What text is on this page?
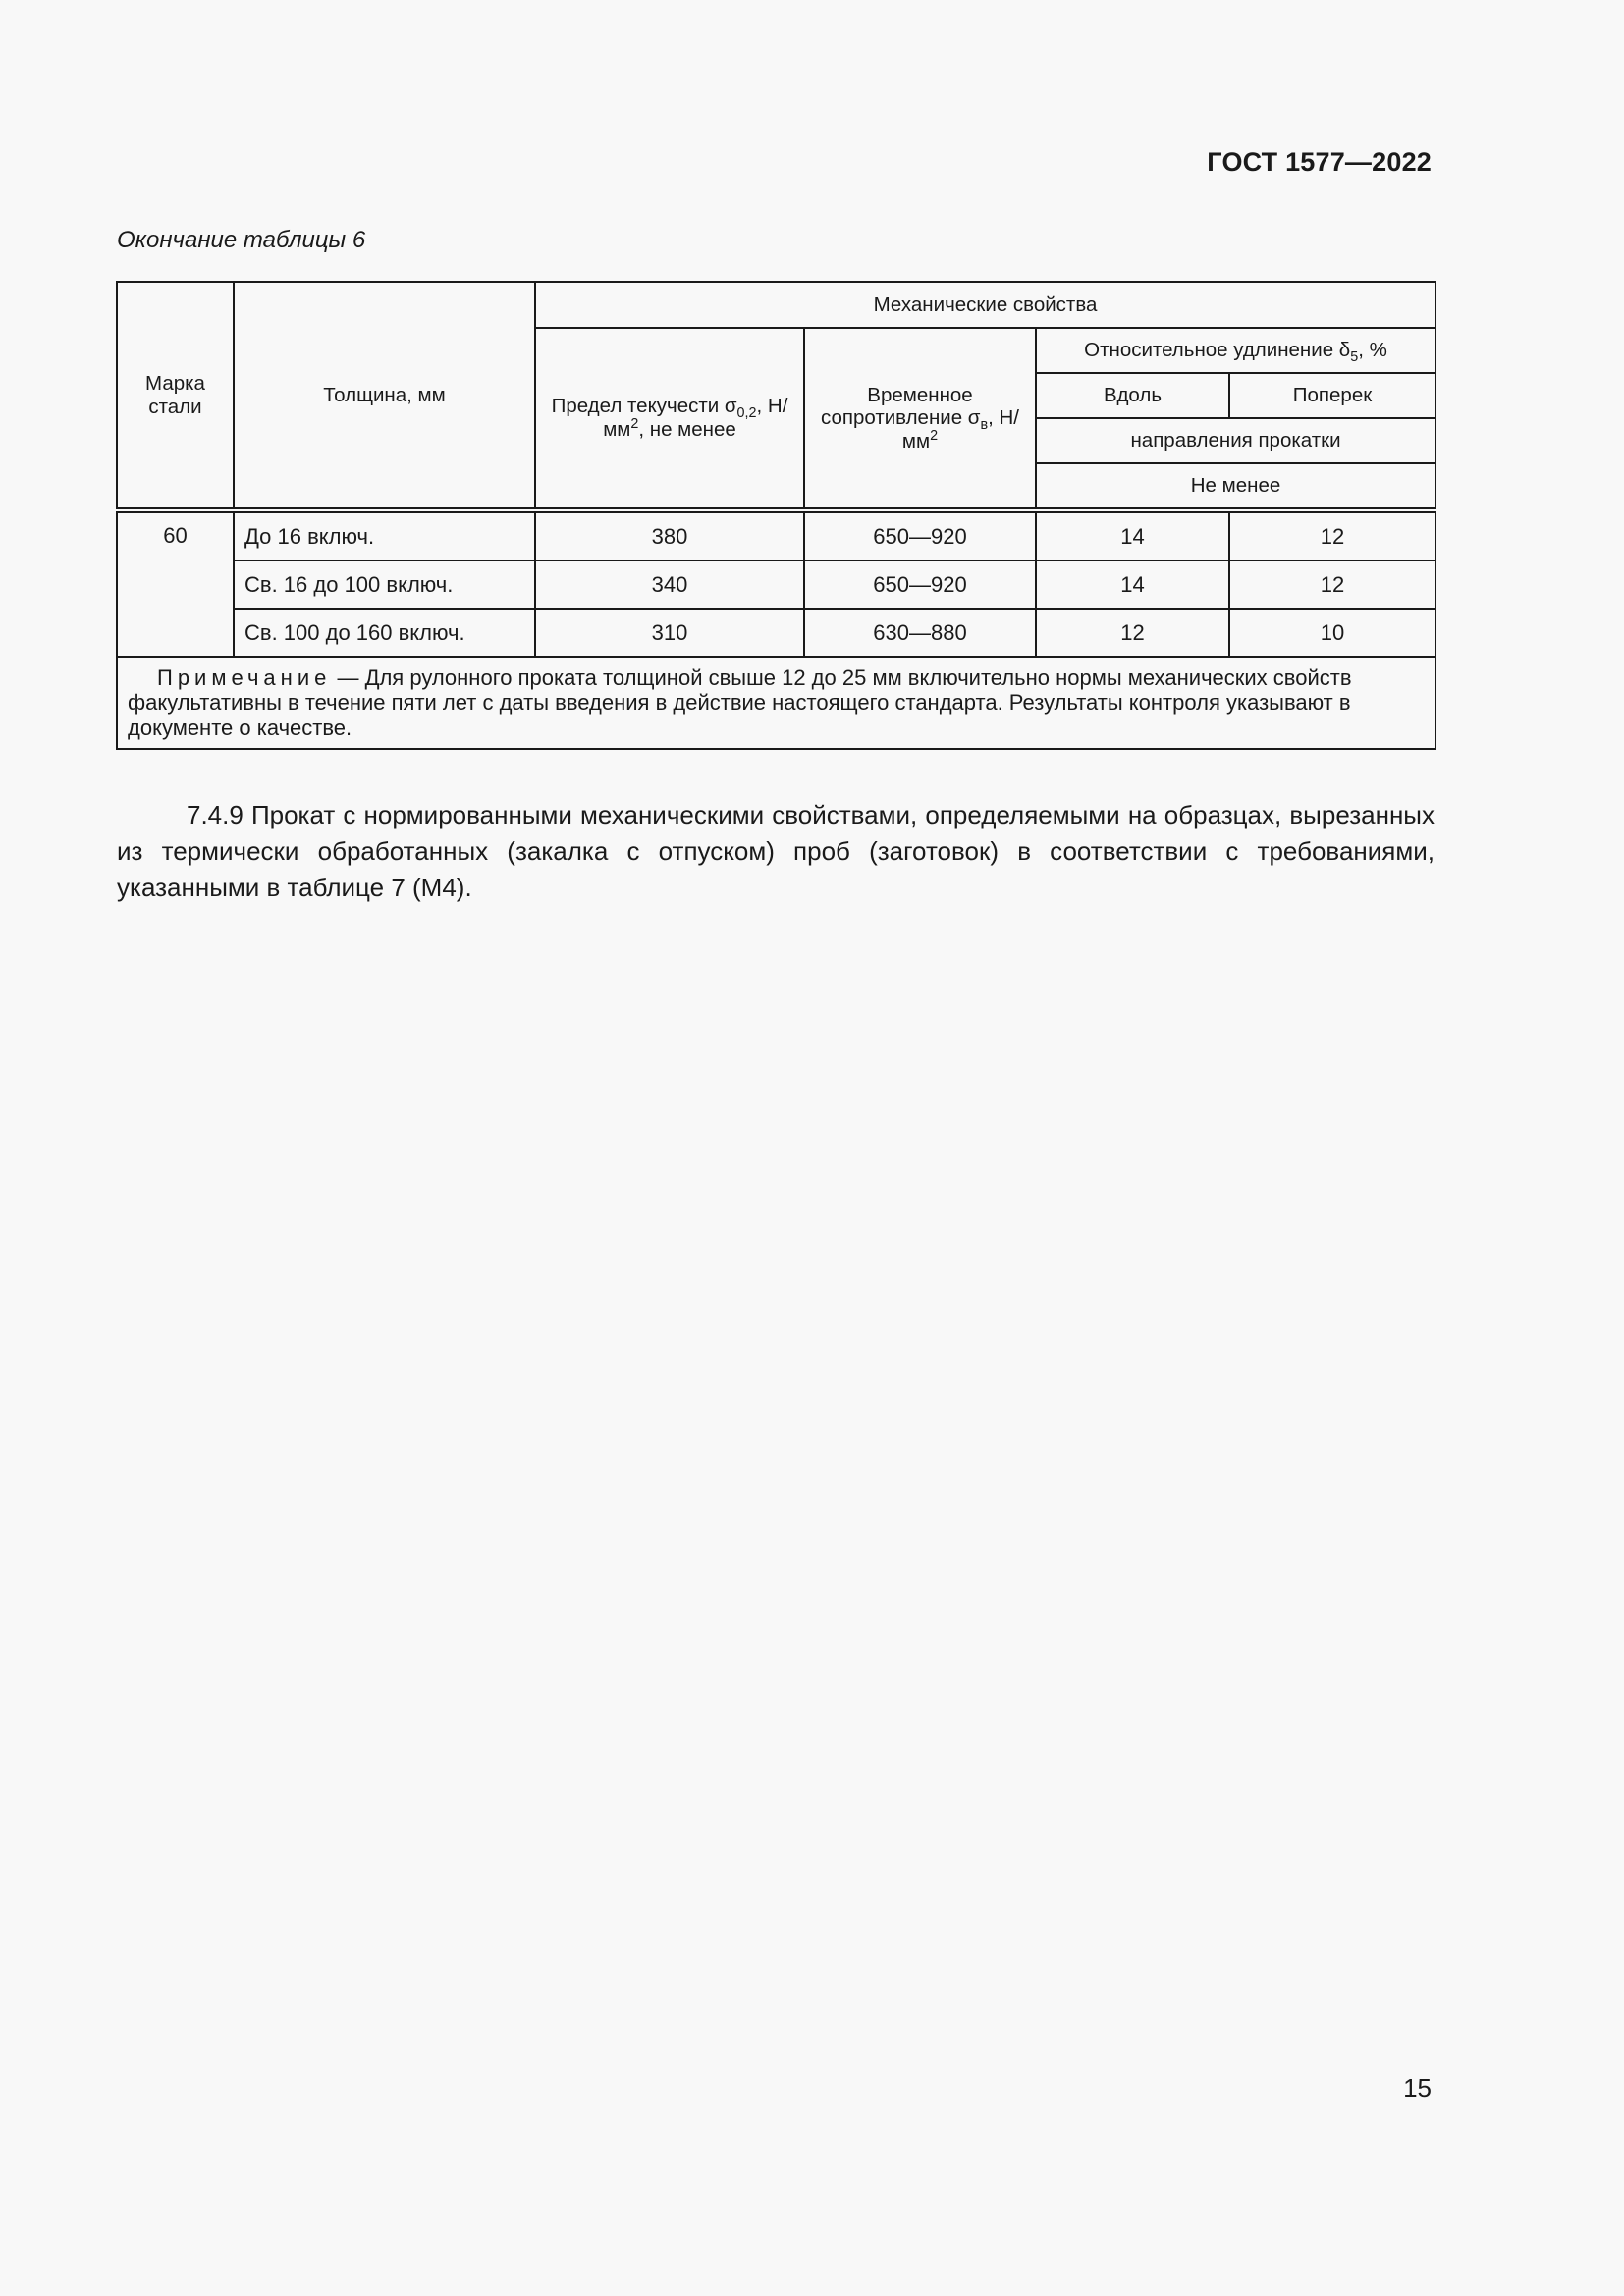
ГОСТ 1577—2022
Окончание таблицы 6
Марка стали	Толщина, мм	Механические свойства			
		Предел текучести $\sigma_{0,2}$, $Н/мм^2$, не менее	Временное сопротивление $\sigma_в$, $Н/мм^2$	Относительное удлинение $\delta_5$, %	
				Вдоль	Поперек
				направления прокатки	
				Не менее	
60	До 16 включ.	380	650—920	14	12
	Св. 16 до 100 включ.	340	650—920	14	12
	Св. 100 до 160 включ.	310	630—880	12	10
Примечание — Для рулонного проката толщиной свыше 12 до 25 мм включительно нормы механических свойств факультативны в течение пяти лет с даты введения в действие настоящего стандарта. Результаты контроля указывают в документе о качестве.					
7.4.9 Прокат с нормированными механическими свойствами, определяемыми на образцах, вырезанных из термически обработанных (закалка с отпуском) проб (заготовок) в соответствии с требованиями, указанными в таблице 7 (М4).
15
